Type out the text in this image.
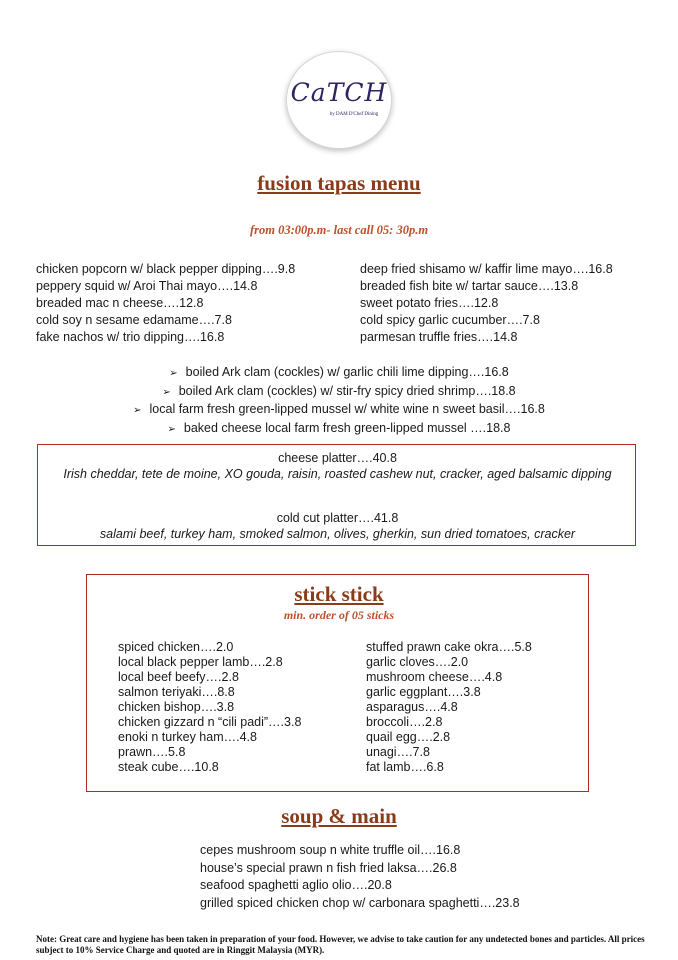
CaTCH
by DAM D'Chef Dining
fusion tapas menu
from 03:00p.m- last call 05: 30p.m
chicken popcorn w/ black pepper dipping….9.8
peppery squid w/ Aroi Thai mayo….14.8
breaded mac n cheese….12.8
cold soy n sesame edamame….7.8
fake nachos w/ trio dipping….16.8
deep fried shisamo w/ kaffir lime mayo….16.8
breaded fish bite w/ tartar sauce….13.8
sweet potato fries….12.8
cold spicy garlic cucumber….7.8
parmesan truffle fries….14.8
➢ boiled Ark clam (cockles) w/ garlic chili lime dipping….16.8
➢ boiled Ark clam (cockles) w/ stir-fry spicy dried shrimp….18.8
➢ local farm fresh green-lipped mussel w/ white wine n sweet basil….16.8
➢ baked cheese local farm fresh green-lipped mussel ….18.8
cheese platter….40.8
Irish cheddar, tete de moine, XO gouda, raisin, roasted cashew nut, cracker, aged balsamic dipping
cold cut platter….41.8
salami beef, turkey ham, smoked salmon, olives, gherkin, sun dried tomatoes, cracker
stick stick
min. order of 05 sticks
spiced chicken….2.0
local black pepper lamb….2.8
local beef beefy….2.8
salmon teriyaki….8.8
chicken bishop….3.8
chicken gizzard n “cili padi”….3.8
enoki n turkey ham….4.8
prawn….5.8
steak cube….10.8
stuffed prawn cake okra….5.8
garlic cloves….2.0
mushroom cheese….4.8
garlic eggplant….3.8
asparagus….4.8
broccoli….2.8
quail egg….2.8
unagi….7.8
fat lamb….6.8
soup & main
cepes mushroom soup n white truffle oil….16.8
house’s special prawn n fish fried laksa….26.8
seafood spaghetti aglio olio….20.8
grilled spiced chicken chop w/ carbonara spaghetti….23.8
Note: Great care and hygiene has been taken in preparation of your food. However, we advise to take caution for any undetected bones and particles. All prices subject to 10% Service Charge and quoted are in Ringgit Malaysia (MYR).
